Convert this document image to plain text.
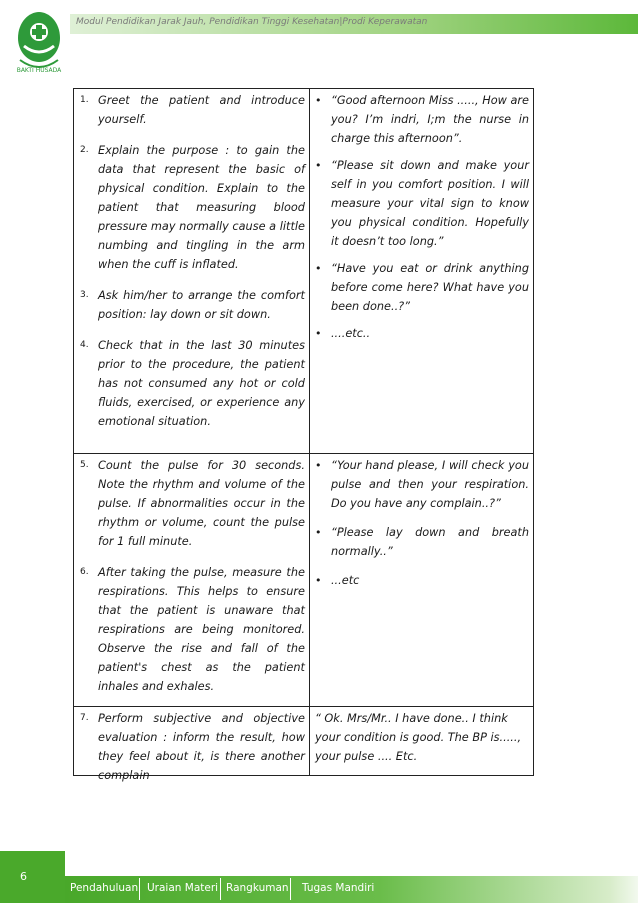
BAKTI HUSADA
Modul Pendidikan Jarak Jauh, Pendidikan Tinggi Kesehatan|Prodi Keperawatan
1. Greet the patient and introduce yourself.
2. Explain the purpose : to gain the data that represent the basic of physical condition. Explain to the patient that measuring blood pressure may normally cause a little numbing and tingling in the arm when the cuff is inflated.
3. Ask him/her to arrange the comfort position: lay down or sit down.
4. Check that in the last 30 minutes prior to the procedure, the patient has not consumed any hot or cold fluids, exercised, or experience any emotional situation.
• “Good afternoon Miss ....., How are you? I’m indri, I;m the nurse in charge this afternoon”.
• “Please sit down and make your self in you comfort position. I will measure your vital sign to know you physical condition. Hopefully it doesn’t too long.”
• “Have you eat or drink anything before come here? What have you been done..?”
• ....etc..
5. Count the pulse for 30 seconds. Note the rhythm and volume of the pulse. If abnormalities occur in the rhythm or volume, count the pulse for 1 full minute.
6. After taking the pulse, measure the respirations. This helps to ensure that the patient is unaware that respirations are being monitored. Observe the rise and fall of the patient's chest as the patient inhales and exhales.
• “Your hand please, I will check you pulse and then your respiration. Do you have any complain..?”
• “Please lay down and breath normally..”
• ...etc
7. Perform subjective and objective evaluation : inform the result, how they feel about it, is there another complain
“ Ok. Mrs/Mr.. I have done.. I think your condition is good. The BP is....., your pulse .... Etc.
6
Pendahuluan Uraian Materi Rangkuman Tugas Mandiri
